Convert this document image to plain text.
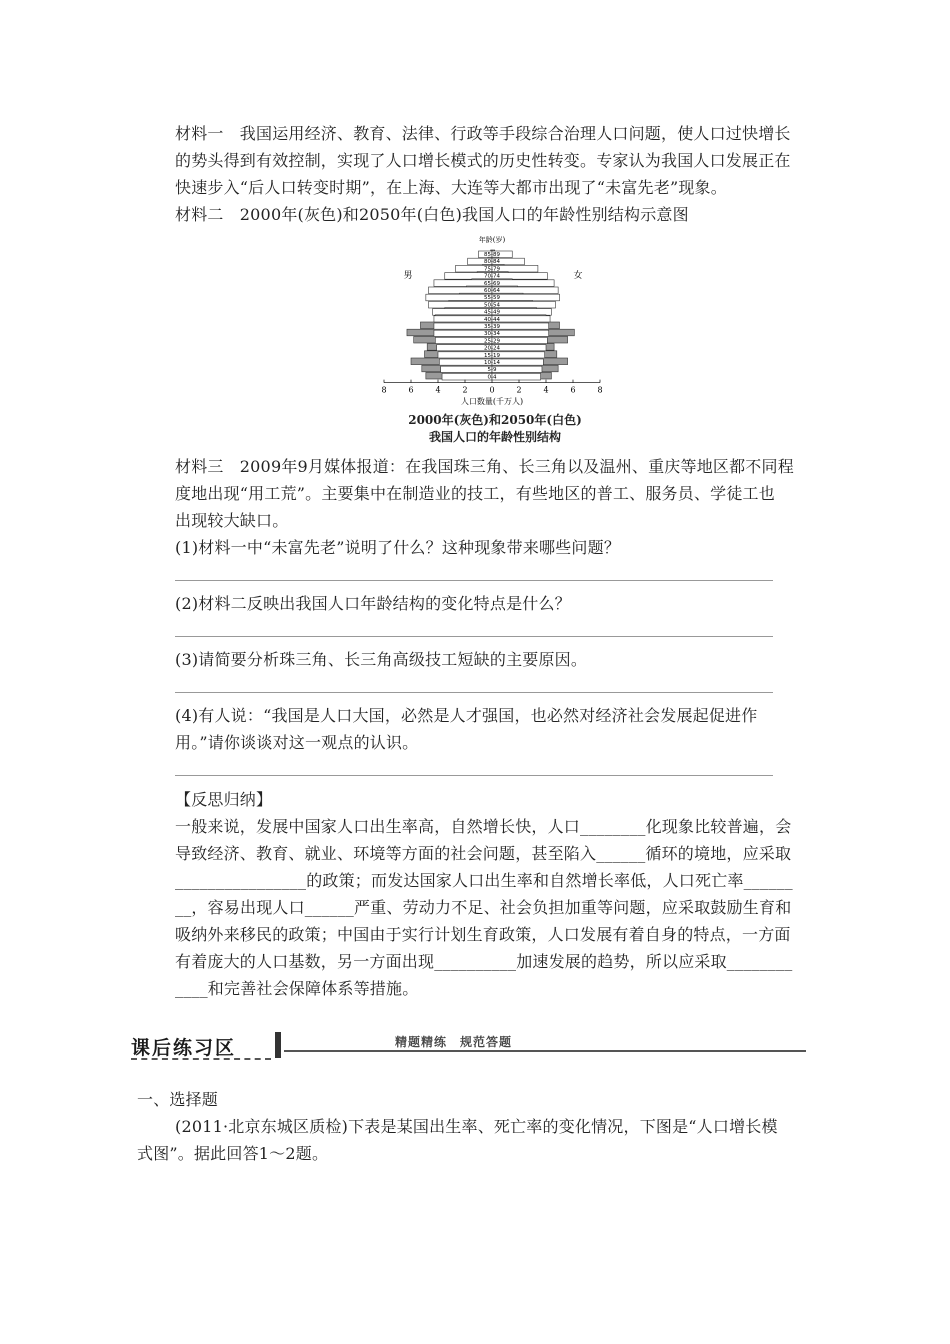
材料一　我国运用经济、教育、法律、行政等手段综合治理人口问题，使人口过快增长
的势头得到有效控制，实现了人口增长模式的历史性转变。专家认为我国人口发展正在
快速步入“后人口转变时期”，在上海、大连等大都市出现了“未富先老”现象。
材料二　2000年(灰色)和2050年(白色)我国人口的年龄性别结构示意图
年龄(岁)
男	女
85-89
80-84
75-79
70-74
65-69
60-64
55-59
50-54
45-49
40-44
35-39
30-34
25-29
20-24
15-19
10-14
5-9
0-4
8	6	4	2	0	2	4	6	8
人口数量(千万人)
2000年(灰色)和2050年(白色)
我国人口的年龄性别结构
材料三　2009年9月媒体报道：在我国珠三角、长三角以及温州、重庆等地区都不同程
度地出现“用工荒”。主要集中在制造业的技工，有些地区的普工、服务员、学徒工也
出现较大缺口。
(1)材料一中“未富先老”说明了什么？这种现象带来哪些问题？
(2)材料二反映出我国人口年龄结构的变化特点是什么？
(3)请简要分析珠三角、长三角高级技工短缺的主要原因。
(4)有人说：“我国是人口大国，必然是人才强国，也必然对经济社会发展起促进作
用。”请你谈谈对这一观点的认识。
【反思归纳】
一般来说，发展中国家人口出生率高，自然增长快，人口________化现象比较普遍，会
导致经济、教育、就业、环境等方面的社会问题，甚至陷入______循环的境地，应采取
________________的政策；而发达国家人口出生率和自然增长率低，人口死亡率______
__，容易出现人口______严重、劳动力不足、社会负担加重等问题，应采取鼓励生育和
吸纳外来移民的政策；中国由于实行计划生育政策，人口发展有着自身的特点，一方面
有着庞大的人口基数，另一方面出现__________加速发展的趋势，所以应采取________
____和完善社会保障体系等措施。
课后练习区	精题精练　规范答题
一、选择题
(2011·北京东城区质检)下表是某国出生率、死亡率的变化情况，下图是“人口增长模
式图”。据此回答1～2题。
